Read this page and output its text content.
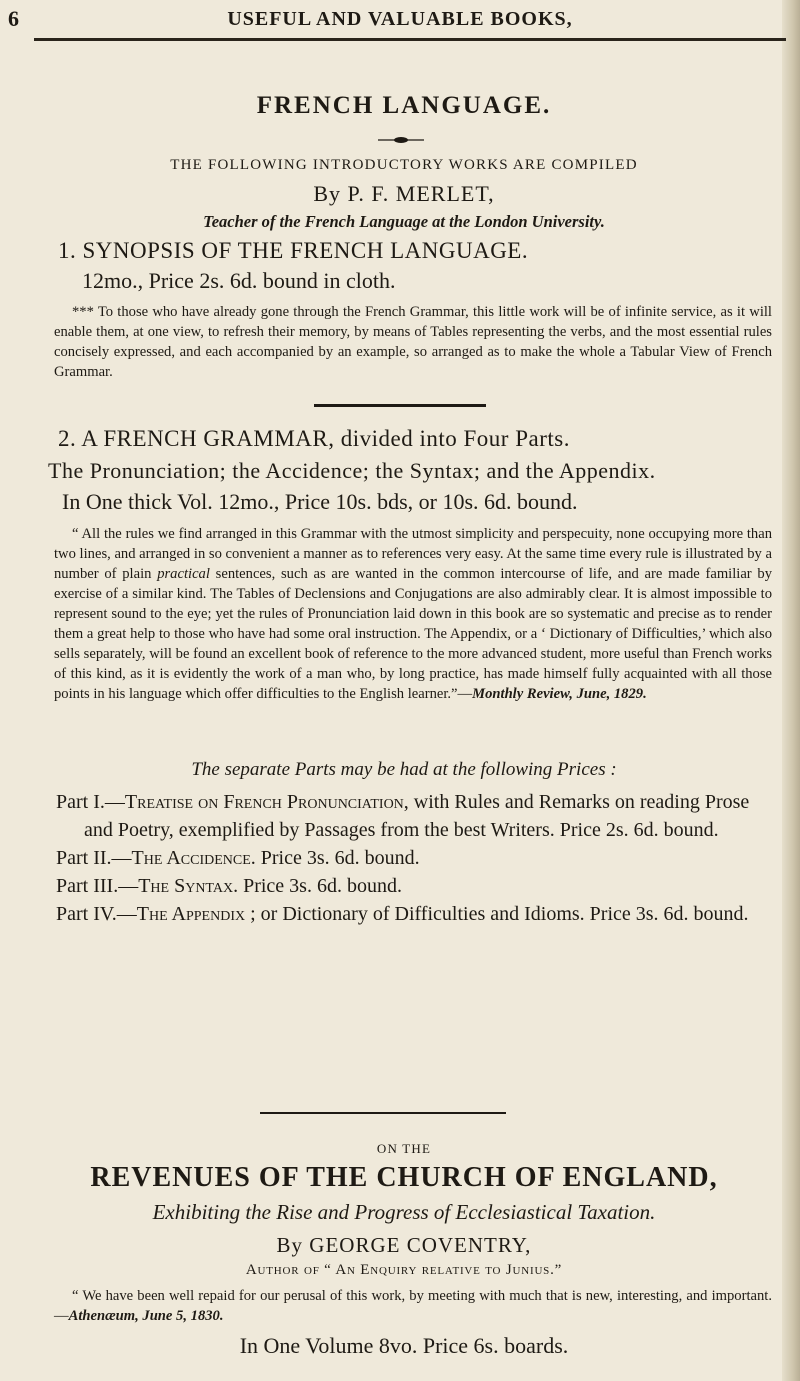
6	USEFUL AND VALUABLE BOOKS,
FRENCH LANGUAGE.
THE FOLLOWING INTRODUCTORY WORKS ARE COMPILED
By P. F. MERLET,
Teacher of the French Language at the London University.
1. SYNOPSIS OF THE FRENCH LANGUAGE.
12mo., Price 2s. 6d. bound in cloth.
*** To those who have already gone through the French Grammar, this little work will be of infinite service, as it will enable them, at one view, to refresh their memory, by means of Tables representing the verbs, and the most essential rules concisely expressed, and each accompanied by an example, so arranged as to make the whole a Tabular View of French Grammar.
2. A FRENCH GRAMMAR, divided into Four Parts.
The Pronunciation; the Accidence; the Syntax; and the Appendix.
In One thick Vol. 12mo., Price 10s. bds, or 10s. 6d. bound.
“ All the rules we find arranged in this Grammar with the utmost simplicity and perspecuity, none occupying more than two lines, and arranged in so convenient a manner as to references very easy. At the same time every rule is illustrated by a number of plain practical sentences, such as are wanted in the common intercourse of life, and are made familiar by exercise of a similar kind. The Tables of Declensions and Conjugations are also admirably clear. It is almost impossible to represent sound to the eye; yet the rules of Pronunciation laid down in this book are so systematic and precise as to render them a great help to those who have had some oral instruction. The Appendix, or a ‘ Dictionary of Difficulties,’ which also sells separately, will be found an excellent book of reference to the more advanced student, more useful than French works of this kind, as it is evidently the work of a man who, by long practice, has made himself fully acquainted with all those points in his language which offer difficulties to the English learner.”—Monthly Review, June, 1829.
The separate Parts may be had at the following Prices :
Part I.—Treatise on French Pronunciation, with Rules and Remarks on reading Prose and Poetry, exemplified by Passages from the best Writers. Price 2s. 6d. bound.
Part II.—The Accidence. Price 3s. 6d. bound.
Part III.—The Syntax. Price 3s. 6d. bound.
Part IV.—The Appendix ; or Dictionary of Difficulties and Idioms. Price 3s. 6d. bound.
ON THE
REVENUES OF THE CHURCH OF ENGLAND,
Exhibiting the Rise and Progress of Ecclesiastical Taxation.
By GEORGE COVENTRY,
Author of “ An Enquiry relative to Junius.”
“ We have been well repaid for our perusal of this work, by meeting with much that is new, interesting, and important.—Athenæum, June 5, 1830.
In One Volume 8vo. Price 6s. boards.
